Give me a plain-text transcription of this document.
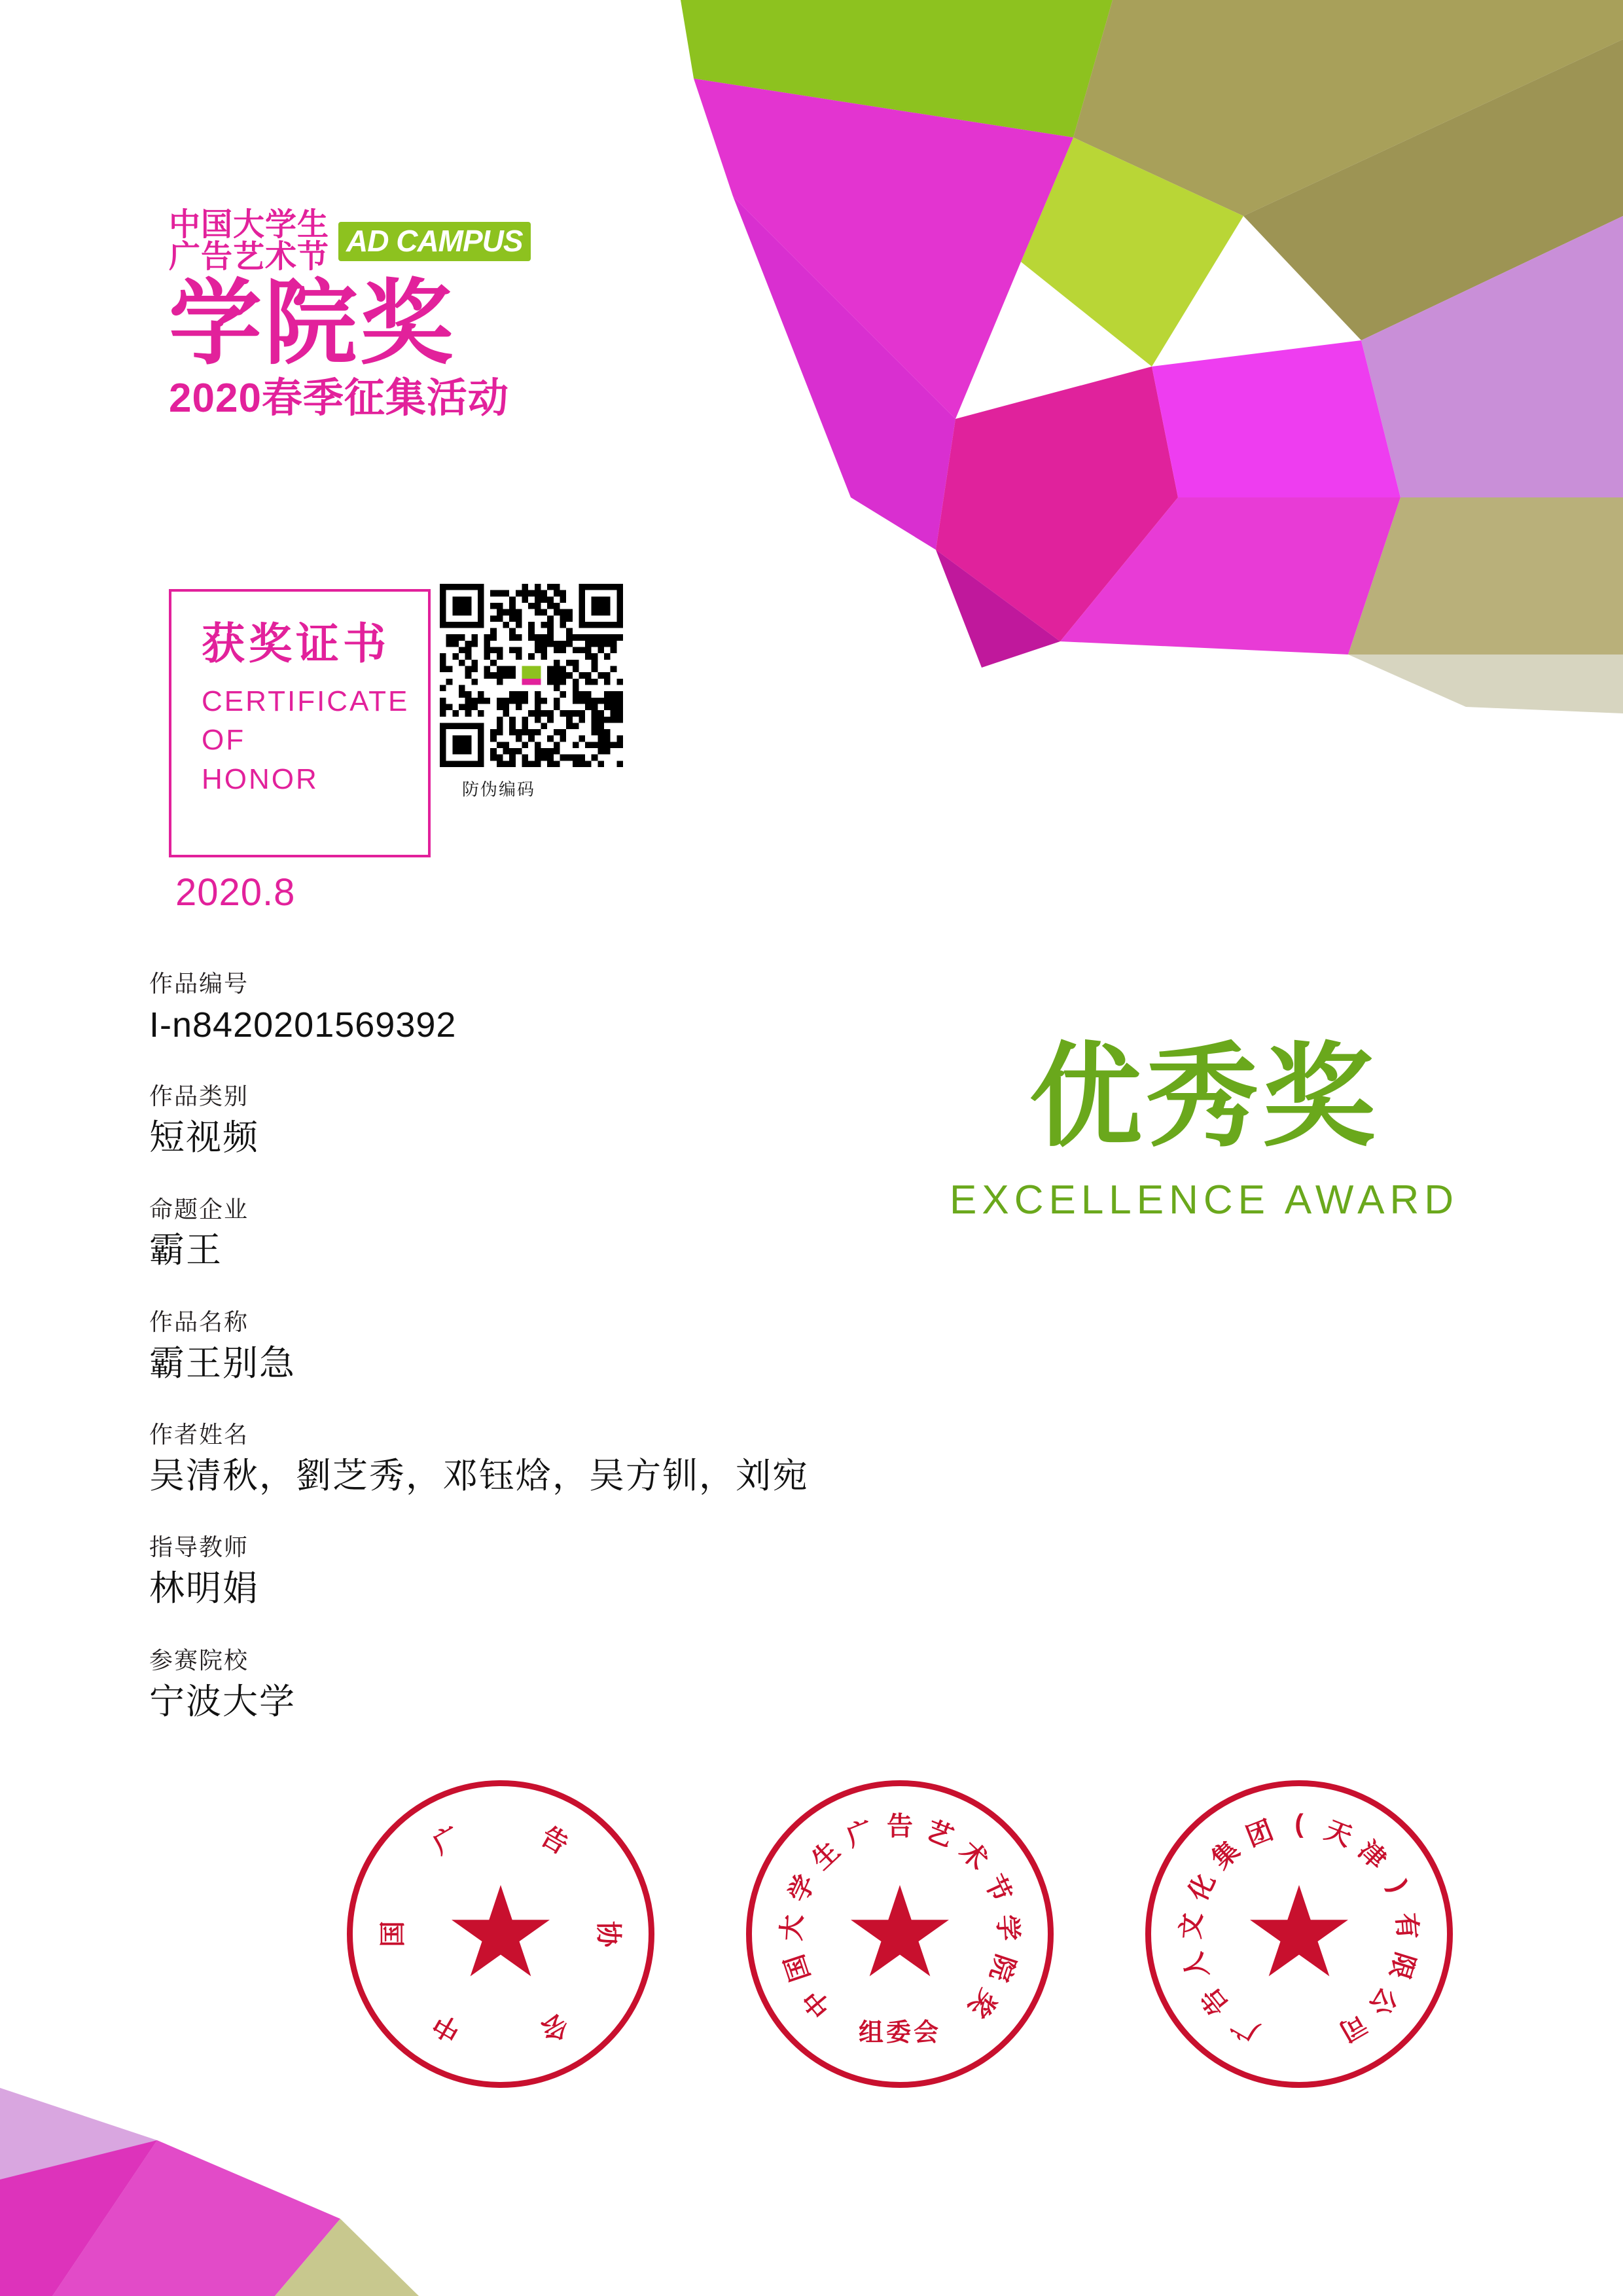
中国大学生
广告艺术节 AD CAMPUS
学院奖
2020春季征集活动
获奖证书
CERTIFICATE
OF
HONOR
2020.8
防伪编码
作品编号
I-n8420201569392
作品类别
短视频
命题企业
霸王
作品名称
霸王别急
作者姓名
吴清秋，劉芝秀，邓钰焓，吴方钏，刘宛
指导教师
林明娟
参赛院校
宁波大学
优秀奖
EXCELLENCE AWARD
中
国
广	告
协
会
中
国
大
学
生
广 告 艺
术
节
学
院
奖
组委会	广
告
人
文
化
集
团 ( 天
津
)
有
限
公
司
